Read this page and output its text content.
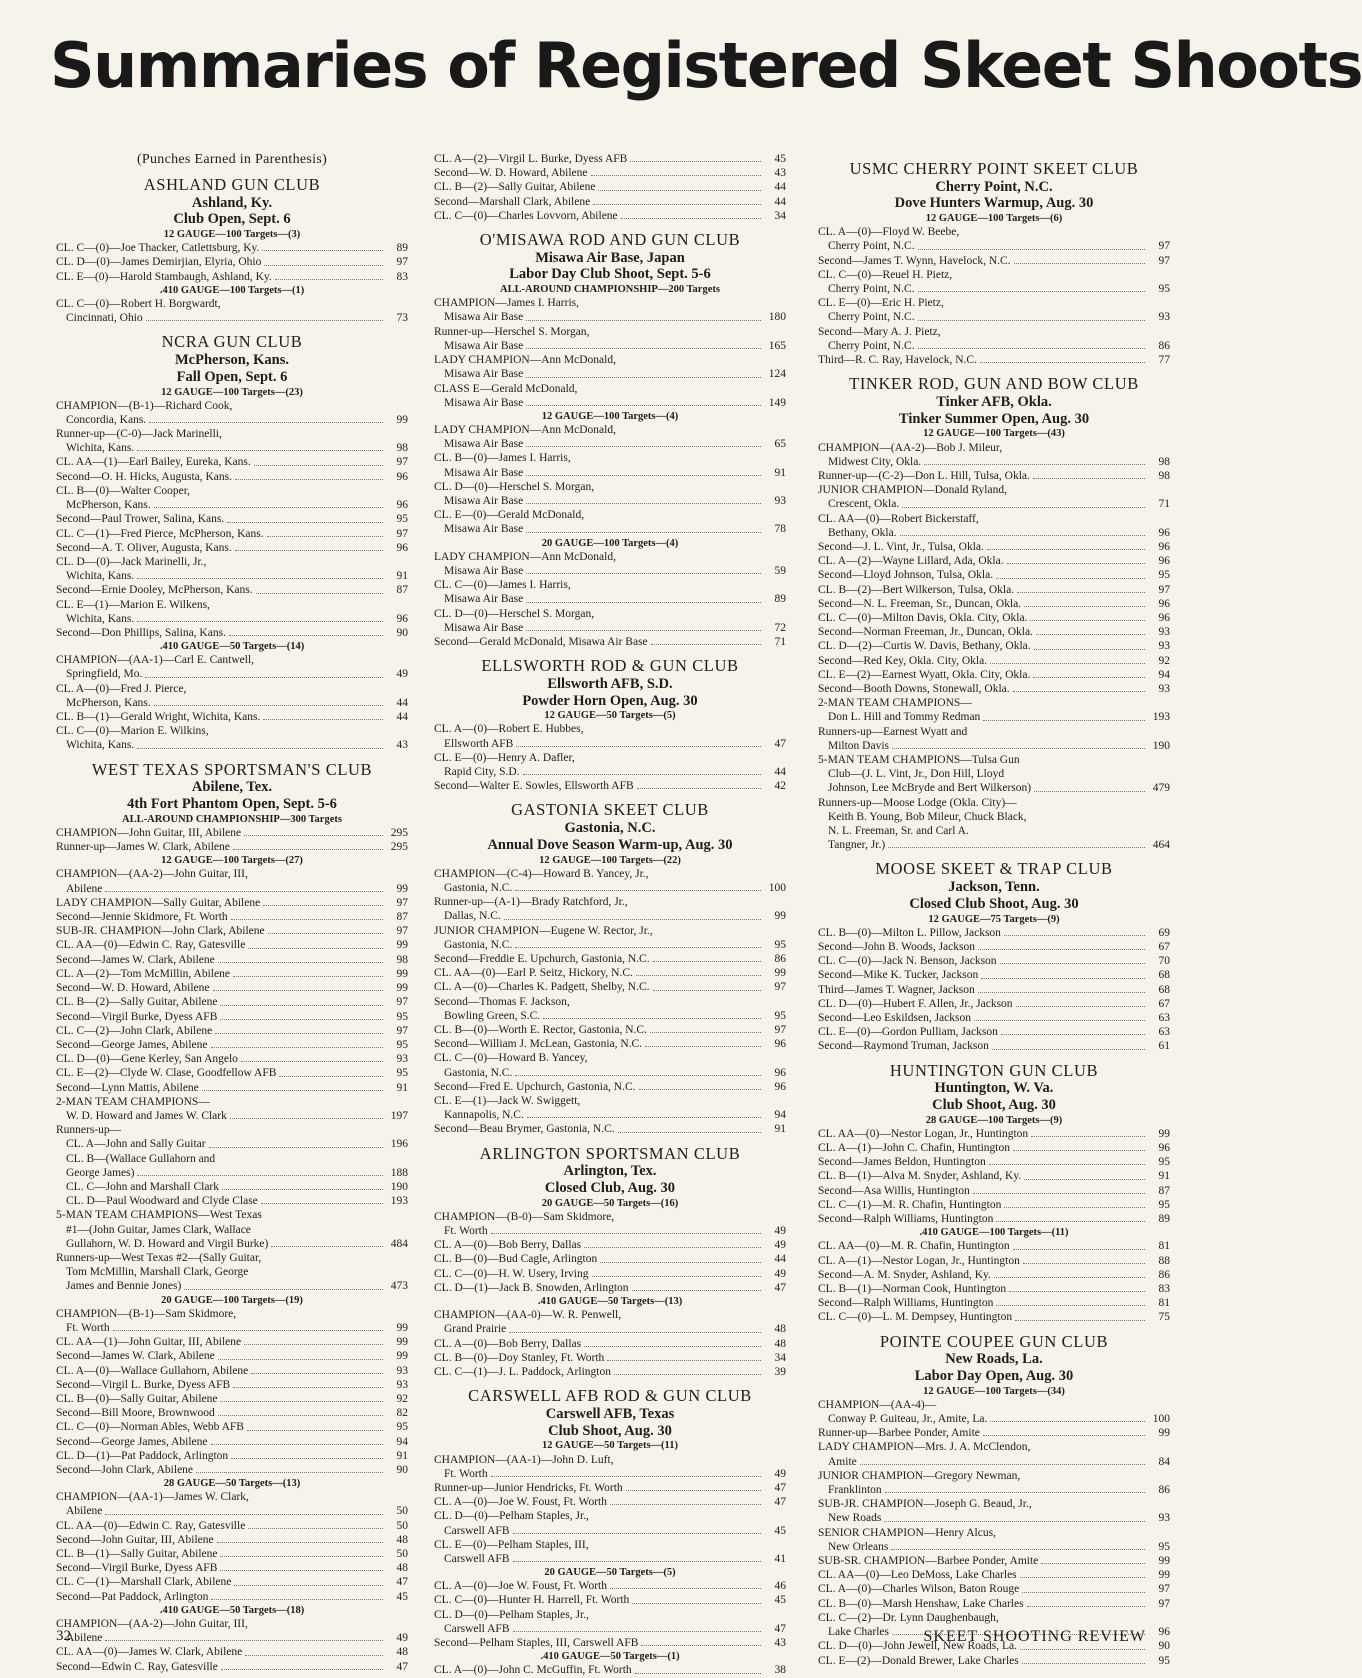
Summaries of Registered Skeet Shoots
(Punches Earned in Parenthesis)
ASHLAND GUN CLUB
Ashland, Ky.
Club Open, Sept. 6
12 GAUGE—100 Targets—(3)
CL. C—(0)—Joe Thacker, Catlettsburg, Ky.	89
CL. D—(0)—James Demirjian, Elyria, Ohio	97
CL. E—(0)—Harold Stambaugh, Ashland, Ky.	83
.410 GAUGE—100 Targets—(1)
CL. C—(0)—Robert H. Borgwardt,
Cincinnati, Ohio	73
NCRA GUN CLUB
McPherson, Kans.
Fall Open, Sept. 6
12 GAUGE—100 Targets—(23)
CHAMPION—(B-1)—Richard Cook,
Concordia, Kans.	99
Runner-up—(C-0)—Jack Marinelli,
Wichita, Kans.	98
CL. AA—(1)—Earl Bailey, Eureka, Kans.	97
Second—O. H. Hicks, Augusta, Kans.	96
CL. B—(0)—Walter Cooper,
McPherson, Kans.	96
Second—Paul Trower, Salina, Kans.	95
CL. C—(1)—Fred Pierce, McPherson, Kans.	97
Second—A. T. Oliver, Augusta, Kans.	96
CL. D—(0)—Jack Marinelli, Jr.,
Wichita, Kans.	91
Second—Ernie Dooley, McPherson, Kans.	87
CL. E—(1)—Marion E. Wilkens,
Wichita, Kans.	96
Second—Don Phillips, Salina, Kans.	90
.410 GAUGE—50 Targets—(14)
CHAMPION—(AA-1)—Carl E. Cantwell,
Springfield, Mo.	49
CL. A—(0)—Fred J. Pierce,
McPherson, Kans.	44
CL. B—(1)—Gerald Wright, Wichita, Kans.	44
CL. C—(0)—Marion E. Wilkins,
Wichita, Kans.	43
WEST TEXAS SPORTSMAN'S CLUB
Abilene, Tex.
4th Fort Phantom Open, Sept. 5-6
ALL-AROUND CHAMPIONSHIP—300 Targets
CHAMPION—John Guitar, III, Abilene	295
Runner-up—James W. Clark, Abilene	295
12 GAUGE—100 Targets—(27)
CHAMPION—(AA-2)—John Guitar, III,
Abilene	99
LADY CHAMPION—Sally Guitar, Abilene	97
Second—Jennie Skidmore, Ft. Worth	87
SUB-JR. CHAMPION—John Clark, Abilene	97
CL. AA—(0)—Edwin C. Ray, Gatesville	99
Second—James W. Clark, Abilene	98
CL. A—(2)—Tom McMillin, Abilene	99
Second—W. D. Howard, Abilene	99
CL. B—(2)—Sally Guitar, Abilene	97
Second—Virgil Burke, Dyess AFB	95
CL. C—(2)—John Clark, Abilene	97
Second—George James, Abilene	95
CL. D—(0)—Gene Kerley, San Angelo	93
CL. E—(2)—Clyde W. Clase, Goodfellow AFB	95
Second—Lynn Mattis, Abilene	91
2-MAN TEAM CHAMPIONS—
W. D. Howard and James W. Clark	197
Runners-up—
CL. A—John and Sally Guitar	196
CL. B—(Wallace Gullahorn and
George James)	188
CL. C—John and Marshall Clark	190
CL. D—Paul Woodward and Clyde Clase	193
5-MAN TEAM CHAMPIONS—West Texas
#1—(John Guitar, James Clark, Wallace
Gullahorn, W. D. Howard and Virgil Burke)	484
Runners-up—West Texas #2—(Sally Guitar,
Tom McMillin, Marshall Clark, George
James and Bennie Jones)	473
20 GAUGE—100 Targets—(19)
CHAMPION—(B-1)—Sam Skidmore,
Ft. Worth	99
CL. AA—(1)—John Guitar, III, Abilene	99
Second—James W. Clark, Abilene	99
CL. A—(0)—Wallace Gullahorn, Abilene	93
Second—Virgil L. Burke, Dyess AFB	93
CL. B—(0)—Sally Guitar, Abilene	92
Second—Bill Moore, Brownwood	82
CL. C—(0)—Norman Ables, Webb AFB	95
Second—George James, Abilene	94
CL. D—(1)—Pat Paddock, Arlington	91
Second—John Clark, Abilene	90
28 GAUGE—50 Targets—(13)
CHAMPION—(AA-1)—James W. Clark,
Abilene	50
CL. AA—(0)—Edwin C. Ray, Gatesville	50
Second—John Guitar, III, Abilene	48
CL. B—(1)—Sally Guitar, Abilene	50
Second—Virgil Burke, Dyess AFB	48
CL. C—(1)—Marshall Clark, Abilene	47
Second—Pat Paddock, Arlington	45
.410 GAUGE—50 Targets—(18)
CHAMPION—(AA-2)—John Guitar, III,
Abilene	49
CL. AA—(0)—James W. Clark, Abilene	48
Second—Edwin C. Ray, Gatesville	47
CL. A—(2)—Virgil L. Burke, Dyess AFB	45
Second—W. D. Howard, Abilene	43
CL. B—(2)—Sally Guitar, Abilene	44
Second—Marshall Clark, Abilene	44
CL. C—(0)—Charles Lovvorn, Abilene	34
O'MISAWA ROD AND GUN CLUB
Misawa Air Base, Japan
Labor Day Club Shoot, Sept. 5-6
ALL-AROUND CHAMPIONSHIP—200 Targets
CHAMPION—James I. Harris,
Misawa Air Base	180
Runner-up—Herschel S. Morgan,
Misawa Air Base	165
LADY CHAMPION—Ann McDonald,
Misawa Air Base	124
CLASS E—Gerald McDonald,
Misawa Air Base	149
12 GAUGE—100 Targets—(4)
LADY CHAMPION—Ann McDonald,
Misawa Air Base	65
CL. B—(0)—James I. Harris,
Misawa Air Base	91
CL. D—(0)—Herschel S. Morgan,
Misawa Air Base	93
CL. E—(0)—Gerald McDonald,
Misawa Air Base	78
20 GAUGE—100 Targets—(4)
LADY CHAMPION—Ann McDonald,
Misawa Air Base	59
CL. C—(0)—James I. Harris,
Misawa Air Base	89
CL. D—(0)—Herschel S. Morgan,
Misawa Air Base	72
Second—Gerald McDonald, Misawa Air Base	71
ELLSWORTH ROD & GUN CLUB
Ellsworth AFB, S.D.
Powder Horn Open, Aug. 30
12 GAUGE—50 Targets—(5)
CL. A—(0)—Robert E. Hubbes,
Ellsworth AFB	47
CL. E—(0)—Henry A. Dafler,
Rapid City, S.D.	44
Second—Walter E. Sowles, Ellsworth AFB	42
GASTONIA SKEET CLUB
Gastonia, N.C.
Annual Dove Season Warm-up, Aug. 30
12 GAUGE—100 Targets—(22)
CHAMPION—(C-4)—Howard B. Yancey, Jr.,
Gastonia, N.C.	100
Runner-up—(A-1)—Brady Ratchford, Jr.,
Dallas, N.C.	99
JUNIOR CHAMPION—Eugene W. Rector, Jr.,
Gastonia, N.C.	95
Second—Freddie E. Upchurch, Gastonia, N.C.	86
CL. AA—(0)—Earl P. Seitz, Hickory, N.C.	99
CL. A—(0)—Charles K. Padgett, Shelby, N.C.	97
Second—Thomas F. Jackson,
Bowling Green, S.C.	95
CL. B—(0)—Worth E. Rector, Gastonia, N.C.	97
Second—William J. McLean, Gastonia, N.C.	96
CL. C—(0)—Howard B. Yancey,
Gastonia, N.C.	96
Second—Fred E. Upchurch, Gastonia, N.C.	96
CL. E—(1)—Jack W. Swiggett,
Kannapolis, N.C.	94
Second—Beau Brymer, Gastonia, N.C.	91
ARLINGTON SPORTSMAN CLUB
Arlington, Tex.
Closed Club, Aug. 30
20 GAUGE—50 Targets—(16)
CHAMPION—(B-0)—Sam Skidmore,
Ft. Worth	49
CL. A—(0)—Bob Berry, Dallas	49
CL. B—(0)—Bud Cagle, Arlington	44
CL. C—(0)—H. W. Usery, Irving	49
CL. D—(1)—Jack B. Snowden, Arlington	47
.410 GAUGE—50 Targets—(13)
CHAMPION—(AA-0)—W. R. Penwell,
Grand Prairie	48
CL. A—(0)—Bob Berry, Dallas	48
CL. B—(0)—Doy Stanley, Ft. Worth	34
CL. C—(1)—J. L. Paddock, Arlington	39
CARSWELL AFB ROD & GUN CLUB
Carswell AFB, Texas
Club Shoot, Aug. 30
12 GAUGE—50 Targets—(11)
CHAMPION—(AA-1)—John D. Luft,
Ft. Worth	49
Runner-up—Junior Hendricks, Ft. Worth	47
CL. A—(0)—Joe W. Foust, Ft. Worth	47
CL. D—(0)—Pelham Staples, Jr.,
Carswell AFB	45
CL. E—(0)—Pelham Staples, III,
Carswell AFB	41
20 GAUGE—50 Targets—(5)
CL. A—(0)—Joe W. Foust, Ft. Worth	46
CL. C—(0)—Hunter H. Harrell, Ft. Worth	45
CL. D—(0)—Pelham Staples, Jr.,
Carswell AFB	47
Second—Pelham Staples, III, Carswell AFB	43
.410 GAUGE—50 Targets—(1)
CL. A—(0)—John C. McGuffin, Ft. Worth	38
USMC CHERRY POINT SKEET CLUB
Cherry Point, N.C.
Dove Hunters Warmup, Aug. 30
12 GAUGE—100 Targets—(6)
CL. A—(0)—Floyd W. Beebe,
Cherry Point, N.C.	97
Second—James T. Wynn, Havelock, N.C.	97
CL. C—(0)—Reuel H. Pietz,
Cherry Point, N.C.	95
CL. E—(0)—Eric H. Pietz,
Cherry Point, N.C.	93
Second—Mary A. J. Pietz,
Cherry Point, N.C.	86
Third—R. C. Ray, Havelock, N.C.	77
TINKER ROD, GUN AND BOW CLUB
Tinker AFB, Okla.
Tinker Summer Open, Aug. 30
12 GAUGE—100 Targets—(43)
CHAMPION—(AA-2)—Bob J. Mileur,
Midwest City, Okla.	98
Runner-up—(C-2)—Don L. Hill, Tulsa, Okla.	98
JUNIOR CHAMPION—Donald Ryland,
Crescent, Okla.	71
CL. AA—(0)—Robert Bickerstaff,
Bethany, Okla.	96
Second—J. L. Vint, Jr., Tulsa, Okla.	96
CL. A—(2)—Wayne Lillard, Ada, Okla.	96
Second—Lloyd Johnson, Tulsa, Okla.	95
CL. B—(2)—Bert Wilkerson, Tulsa, Okla.	97
Second—N. L. Freeman, Sr., Duncan, Okla.	96
CL. C—(0)—Milton Davis, Okla. City, Okla.	96
Second—Norman Freeman, Jr., Duncan, Okla.	93
CL. D—(2)—Curtis W. Davis, Bethany, Okla.	93
Second—Red Key, Okla. City, Okla.	92
CL. E—(2)—Earnest Wyatt, Okla. City, Okla.	94
Second—Booth Downs, Stonewall, Okla.	93
2-MAN TEAM CHAMPIONS—
Don L. Hill and Tommy Redman	193
Runners-up—Earnest Wyatt and
Milton Davis	190
5-MAN TEAM CHAMPIONS—Tulsa Gun
Club—(J. L. Vint, Jr., Don Hill, Lloyd
Johnson, Lee McBryde and Bert Wilkerson)	479
Runners-up—Moose Lodge (Okla. City)—
Keith B. Young, Bob Mileur, Chuck Black,
N. L. Freeman, Sr. and Carl A.
Tangner, Jr.)	464
MOOSE SKEET & TRAP CLUB
Jackson, Tenn.
Closed Club Shoot, Aug. 30
12 GAUGE—75 Targets—(9)
CL. B—(0)—Milton L. Pillow, Jackson	69
Second—John B. Woods, Jackson	67
CL. C—(0)—Jack N. Benson, Jackson	70
Second—Mike K. Tucker, Jackson	68
Third—James T. Wagner, Jackson	68
CL. D—(0)—Hubert F. Allen, Jr., Jackson	67
Second—Leo Eskildsen, Jackson	63
CL. E—(0)—Gordon Pulliam, Jackson	63
Second—Raymond Truman, Jackson	61
HUNTINGTON GUN CLUB
Huntington, W. Va.
Club Shoot, Aug. 30
28 GAUGE—100 Targets—(9)
CL. AA—(0)—Nestor Logan, Jr., Huntington	99
CL. A—(1)—John C. Chafin, Huntington	96
Second—James Beldon, Huntington	95
CL. B—(1)—Alva M. Snyder, Ashland, Ky.	91
Second—Asa Willis, Huntington	87
CL. C—(1)—M. R. Chafin, Huntington	95
Second—Ralph Williams, Huntington	89
.410 GAUGE—100 Targets—(11)
CL. AA—(0)—M. R. Chafin, Huntington	81
CL. A—(1)—Nestor Logan, Jr., Huntington	88
Second—A. M. Snyder, Ashland, Ky.	86
CL. B—(1)—Norman Cook, Huntington	83
Second—Ralph Williams, Huntington	81
CL. C—(0)—L. M. Dempsey, Huntington	75
POINTE COUPEE GUN CLUB
New Roads, La.
Labor Day Open, Aug. 30
12 GAUGE—100 Targets—(34)
CHAMPION—(AA-4)—
Conway P. Guiteau, Jr., Amite, La.	100
Runner-up—Barbee Ponder, Amite	99
LADY CHAMPION—Mrs. J. A. McClendon,
Amite	84
JUNIOR CHAMPION—Gregory Newman,
Franklinton	86
SUB-JR. CHAMPION—Joseph G. Beaud, Jr.,
New Roads	93
SENIOR CHAMPION—Henry Alcus,
New Orleans	95
SUB-SR. CHAMPION—Barbee Ponder, Amite	99
CL. AA—(0)—Leo DeMoss, Lake Charles	99
CL. A—(0)—Charles Wilson, Baton Rouge	97
CL. B—(0)—Marsh Henshaw, Lake Charles	97
CL. C—(2)—Dr. Lynn Daughenbaugh,
Lake Charles	96
CL. D—(0)—John Jewell, New Roads, La.	90
CL. E—(2)—Donald Brewer, Lake Charles	95
32	SKEET SHOOTING REVIEW
